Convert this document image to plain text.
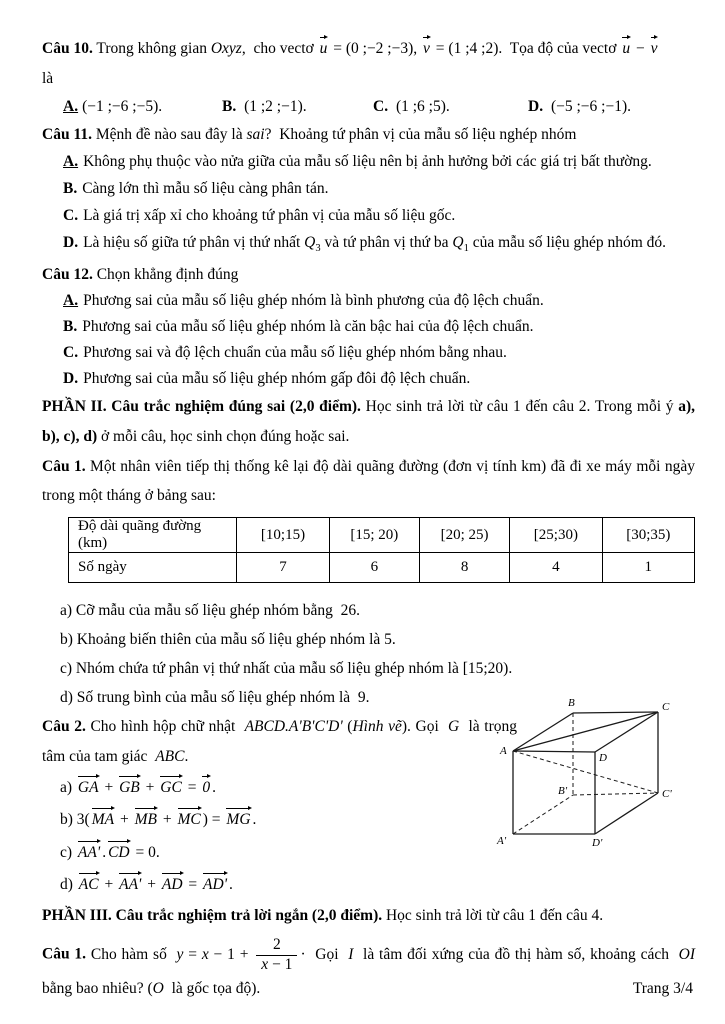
Câu 10. Trong không gian Oxyz,  cho vectơ u = (0 ;−2 ;−3), v = (1 ;4 ;2).  Tọa độ của vectơ u − v

là

A. (−1 ;−6 ;−5).	B. (1 ;2 ;−1).	C. (1 ;6 ;5).	D. (−5 ;−6 ;−1).

Câu 11. Mệnh đề nào sau đây là sai?  Khoảng tứ phân vị của mẫu số liệu nghép nhóm

A. Không phụ thuộc vào nửa giữa của mẫu số liệu nên bị ảnh hưởng bởi các giá trị bất thường.
B. Càng lớn thì mẫu số liệu càng phân tán.
C. Là giá trị xấp xỉ cho khoảng tứ phân vị của mẫu số liệu gốc.
D. Là hiệu số giữa tứ phân vị thứ nhất $Q_3$ và tứ phân vị thứ ba $Q_1$ của mẫu số liệu ghép nhóm đó.

Câu 12. Chọn khẳng định đúng

A. Phương sai của mẫu số liệu ghép nhóm là bình phương của độ lệch chuẩn.
B. Phương sai của mẫu số liệu ghép nhóm là căn bậc hai của độ lệch chuẩn.
C. Phương sai và độ lệch chuẩn của mẫu số liệu ghép nhóm bằng nhau.
D. Phương sai của mẫu số liệu ghép nhóm gấp đôi độ lệch chuẩn.

PHẦN II. Câu trắc nghiệm đúng sai (2,0 điểm). Học sinh trả lời từ câu 1 đến câu 2. Trong mỗi ý a), b), c), d) ở mỗi câu, học sinh chọn đúng hoặc sai.

Câu 1. Một nhân viên tiếp thị thống kê lại độ dài quãng đường (đơn vị tính km) đã đi xe máy mỗi ngày trong một tháng ở bảng sau:

Độ dài quãng đường (km)	[10;15)	[15; 20)	[20; 25)	[25;30)	[30;35)
Số ngày	7	6	8	4	1
a) Cỡ mẫu của mẫu số liệu ghép nhóm bằng  26.
b) Khoảng biến thiên của mẫu số liệu ghép nhóm là 5.
c) Nhóm chứa tứ phân vị thứ nhất của mẫu số liệu ghép nhóm là [15;20).
d) Số trung bình của mẫu số liệu ghép nhóm là  9.

Câu 2. Cho hình hộp chữ nhật  ABCD.A'B'C'D' (Hình vẽ). Gọi  G  là trọng tâm của tam giác  ABC.

a) GA + GB + GC = 0 .
b) 3( MA + MB + MC ) = MG .
c) AA' . CD = 0.
d) AC + AA' + AD = AD' .
A
B	C
D
A'
B'	C'
D'

PHẦN III. Câu trắc nghiệm trả lời ngắn (2,0 điểm). Học sinh trả lời từ câu 1 đến câu 4.

Câu 1. Cho hàm số  $y = x - 1 + \frac{2}{x - 1}$ ·  Gọi  I  là tâm đối xứng của đồ thị hàm số, khoảng cách  OI bằng bao nhiêu? (O  là gốc tọa độ).	Trang 3/4
